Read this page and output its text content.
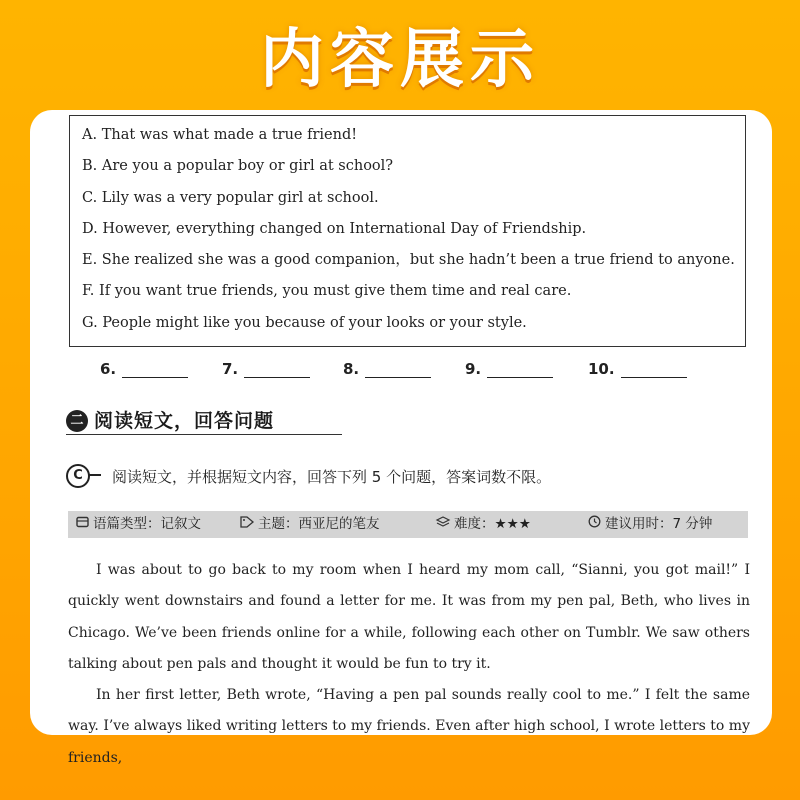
内容展示
A. That was what made a true friend!
B. Are you a popular boy or girl at school?
C. Lily was a very popular girl at school.
D. However, everything changed on International Day of Friendship.
E. She realized she was a good companion，but she hadn’t been a true friend to anyone.
F. If you want true friends, you must give them time and real care.
G. People might like you because of your looks or your style.
6.	7.	8.	9.	10.
二 阅读短文，回答问题
C	阅读短文，并根据短文内容，回答下列 5 个问题，答案词数不限。
语篇类型：记叙文	主题：西亚尼的笔友	难度：★★★	建议用时：7 分钟

I was about to go back to my room when I heard my mom call, “Sianni, you got mail!” I quickly went downstairs and found a letter for me. It was from my pen pal, Beth, who lives in Chicago. We’ve been friends online for a while, following each other on Tumblr. We saw others talking about pen pals and thought it would be fun to try it.

In her first letter, Beth wrote, “Having a pen pal sounds really cool to me.” I felt the same way. I’ve always liked writing letters to my friends. Even after high school, I wrote letters to my friends,
